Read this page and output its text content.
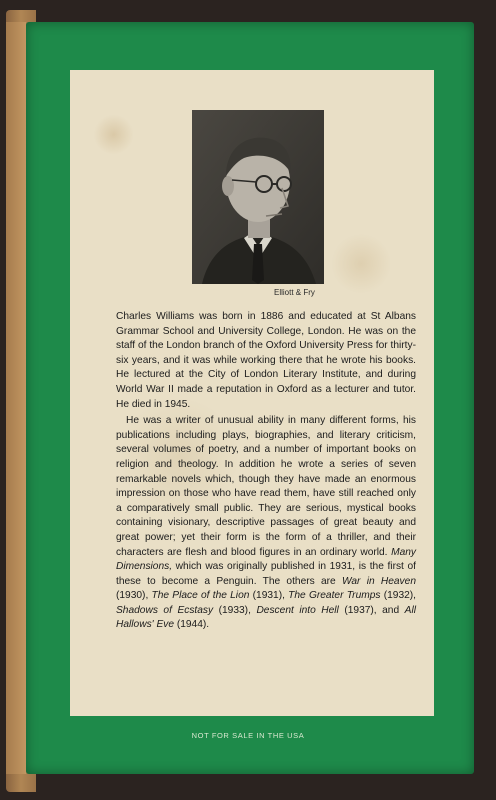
Elliott & Fry

Charles Williams was born in 1886 and educated at St Albans Grammar School and University College, London. He was on the staff of the London branch of the Oxford University Press for thirty-six years, and it was while working there that he wrote his books. He lectured at the City of London Literary Institute, and during World War II made a reputation in Oxford as a lecturer and tutor. He died in 1945.

He was a writer of unusual ability in many different forms, his publications including plays, biographies, and literary criticism, several volumes of poetry, and a number of important books on religion and theology. In addition he wrote a series of seven remarkable novels which, though they have made an enormous impression on those who have read them, have still reached only a comparatively small public. They are serious, mystical books containing visionary, descriptive passages of great beauty and great power; yet their form is the form of a thriller, and their characters are flesh and blood figures in an ordinary world. Many Dimensions, which was originally published in 1931, is the first of these to become a Penguin. The others are War in Heaven (1930), The Place of the Lion (1931), The Greater Trumps (1932), Shadows of Ecstasy (1933), Descent into Hell (1937), and All Hallows' Eve (1944).

NOT FOR SALE IN THE USA
